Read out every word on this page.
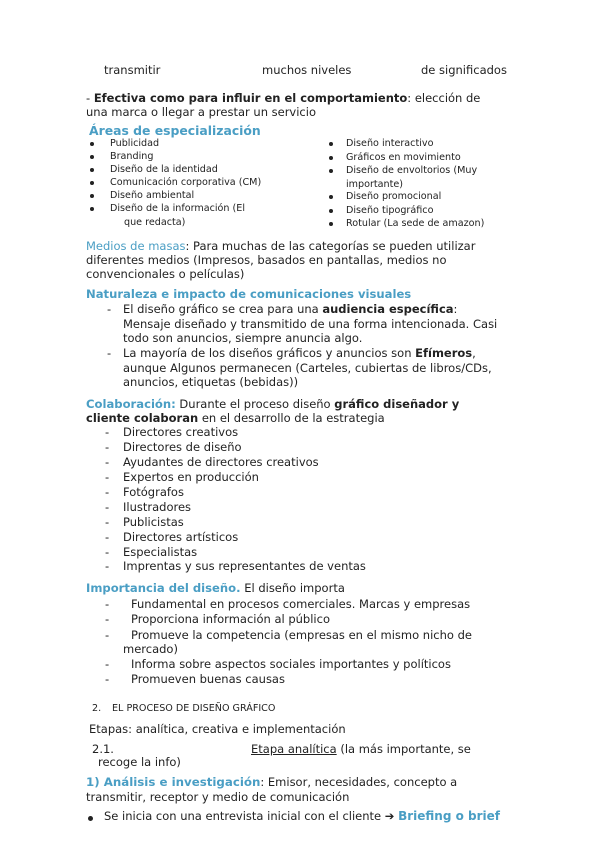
transmitir	muchos niveles	de significados
- Efectiva como para influir en el comportamiento: elección de
una marca o llegar a prestar un servicio
Áreas de especialización
Publicidad
Branding
Diseño de la identidad
Comunicación corporativa (CM)
Diseño ambiental
Diseño de la información (El
que redacta)
Diseño interactivo
Gráficos en movimiento
Diseño de envoltorios (Muy
importante)
Diseño promocional
Diseño tipográfico
Rotular (La sede de amazon)
Medios de masas: Para muchas de las categorías se pueden utilizar
diferentes medios (Impresos, basados en pantallas, medios no
convencionales o películas)
Naturaleza e impacto de comunicaciones visuales
- El diseño gráfico se crea para una audiencia específica:
Mensaje diseñado y transmitido de una forma intencionada. Casi
todo son anuncios, siempre anuncia algo.
- La mayoría de los diseños gráficos y anuncios son Efímeros,
aunque Algunos permanecen (Carteles, cubiertas de libros/CDs,
anuncios, etiquetas (bebidas))
Colaboración: Durante el proceso diseño gráfico diseñador y
cliente colaboran en el desarrollo de la estrategia
- Directores creativos
- Directores de diseño
- Ayudantes de directores creativos
- Expertos en producción
- Fotógrafos
- Ilustradores
- Publicistas
- Directores artísticos
- Especialistas
- Imprentas y sus representantes de ventas
Importancia del diseño. El diseño importa
- Fundamental en procesos comerciales. Marcas y empresas
- Proporciona información al público
- Promueve la competencia (empresas en el mismo nicho de
mercado)
- Informa sobre aspectos sociales importantes y políticos
- Promueven buenas causas
2. EL PROCESO DE DISEÑO GRÁFICO
Etapas: analítica, creativa e implementación
2.1.	Etapa analítica (la más importante, se
recoge la info)
1) Análisis e investigación: Emisor, necesidades, concepto a
transmitir, receptor y medio de comunicación
Se inicia con una entrevista inicial con el cliente ➔ Briefing o brief
